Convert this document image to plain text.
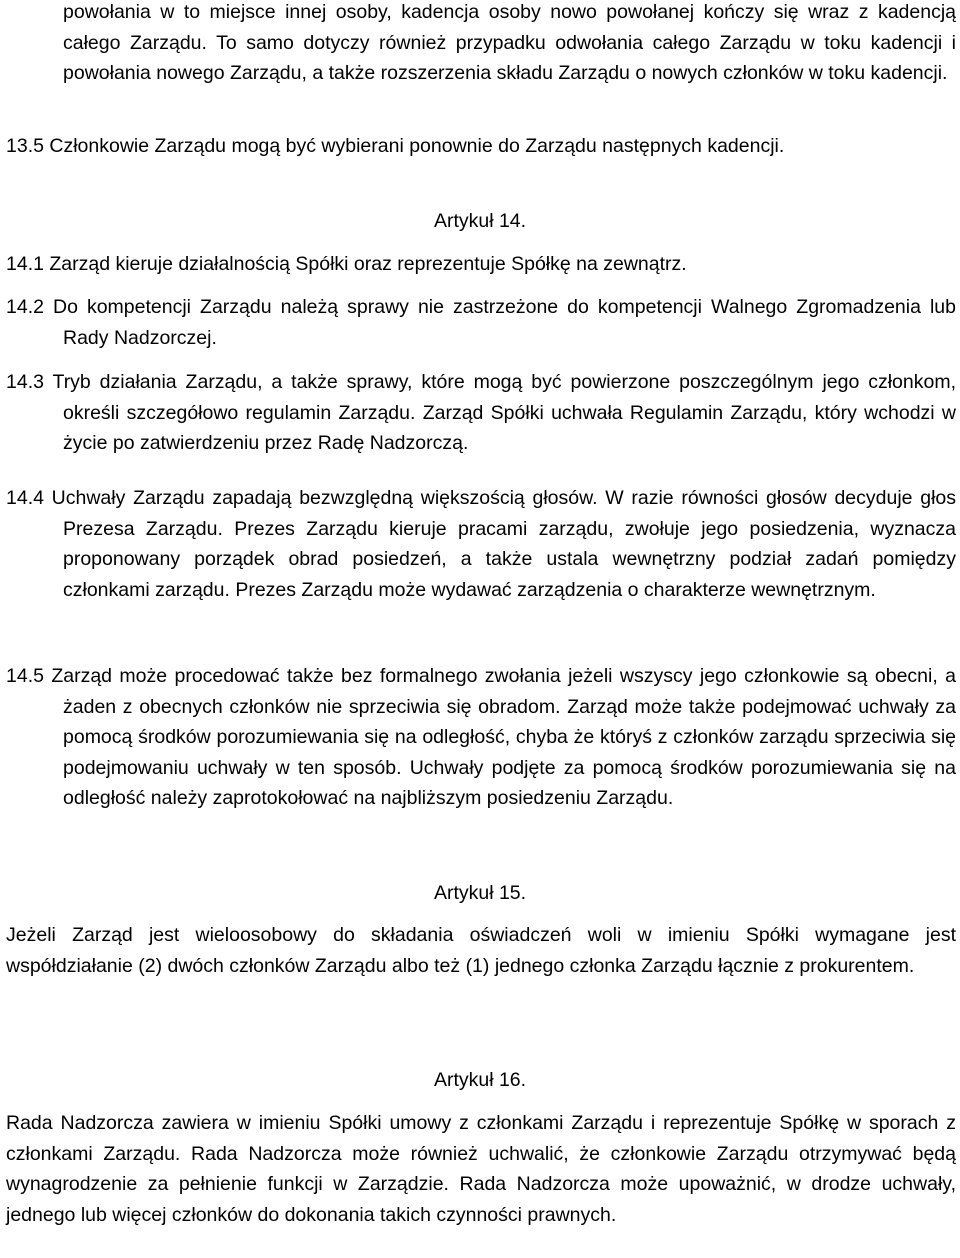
powołania w to miejsce innej osoby, kadencja osoby nowo powołanej kończy się wraz z kadencją całego Zarządu. To samo dotyczy również przypadku odwołania całego Zarządu w toku kadencji i powołania nowego Zarządu, a także rozszerzenia składu Zarządu o nowych członków w toku kadencji.

13.5 Członkowie Zarządu mogą być wybierani ponownie do Zarządu następnych kadencji.

Artykuł 14.

14.1 Zarząd kieruje działalnością Spółki oraz reprezentuje Spółkę na zewnątrz.

14.2 Do kompetencji Zarządu należą sprawy nie zastrzeżone do kompetencji Walnego Zgromadzenia lub Rady Nadzorczej.

14.3 Tryb działania Zarządu, a także sprawy, które mogą być powierzone poszczególnym jego członkom, określi szczegółowo regulamin Zarządu. Zarząd Spółki uchwała Regulamin Zarządu, który wchodzi w życie po zatwierdzeniu przez Radę Nadzorczą.

14.4 Uchwały Zarządu zapadają bezwzględną większością głosów. W razie równości głosów decyduje głos Prezesa Zarządu. Prezes Zarządu kieruje pracami zarządu, zwołuje jego posiedzenia, wyznacza proponowany porządek obrad posiedzeń, a także ustala wewnętrzny podział zadań pomiędzy członkami zarządu. Prezes Zarządu może wydawać zarządzenia o charakterze wewnętrznym.

14.5 Zarząd może procedować także bez formalnego zwołania jeżeli wszyscy jego członkowie są obecni, a żaden z obecnych członków nie sprzeciwia się obradom. Zarząd może także podejmować uchwały za pomocą środków porozumiewania się na odległość, chyba że któryś z członków zarządu sprzeciwia się podejmowaniu uchwały w ten sposób. Uchwały podjęte za pomocą środków porozumiewania się na odległość należy zaprotokołować na najbliższym posiedzeniu Zarządu.

Artykuł 15.

Jeżeli Zarząd jest wieloosobowy do składania oświadczeń woli w imieniu Spółki wymagane jest współdziałanie (2) dwóch członków Zarządu albo też (1) jednego członka Zarządu łącznie z prokurentem.

Artykuł 16.

Rada Nadzorcza zawiera w imieniu Spółki umowy z członkami Zarządu i reprezentuje Spółkę w sporach z członkami Zarządu. Rada Nadzorcza może również uchwalić, że członkowie Zarządu otrzymywać będą wynagrodzenie za pełnienie funkcji w Zarządzie. Rada Nadzorcza może upoważnić, w drodze uchwały, jednego lub więcej członków do dokonania takich czynności prawnych.
